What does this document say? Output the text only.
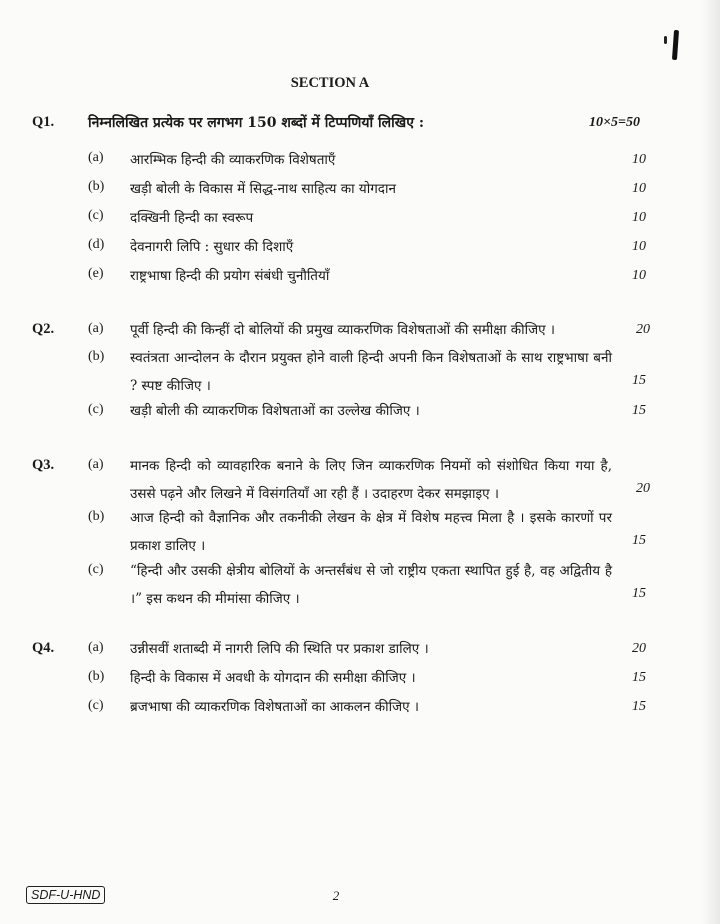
SECTION A
Q1. निम्नलिखित प्रत्येक पर लगभग 150 शब्दों में टिप्पणियाँ लिखिए :	10×5=50
(a) आरम्भिक हिन्दी की व्याकरणिक विशेषताएँ	10
(b) खड़ी बोली के विकास में सिद्ध-नाथ साहित्य का योगदान	10
(c) दक्खिनी हिन्दी का स्वरूप	10
(d) देवनागरी लिपि : सुधार की दिशाएँ	10
(e) राष्ट्रभाषा हिन्दी की प्रयोग संबंधी चुनौतियाँ	10
Q2. (a) पूर्वी हिन्दी की किन्हीं दो बोलियों की प्रमुख व्याकरणिक विशेषताओं की समीक्षा कीजिए ।	20
(b) स्वतंत्रता आन्दोलन के दौरान प्रयुक्त होने वाली हिन्दी अपनी किन विशेषताओं के साथ राष्ट्रभाषा बनी ? स्पष्ट कीजिए ।	15
(c) खड़ी बोली की व्याकरणिक विशेषताओं का उल्लेख कीजिए ।	15
Q3. (a) मानक हिन्दी को व्यावहारिक बनाने के लिए जिन व्याकरणिक नियमों को संशोधित किया गया है, उससे पढ़ने और लिखने में विसंगतियाँ आ रही हैं । उदाहरण देकर समझाइए ।	20
(b) आज हिन्दी को वैज्ञानिक और तकनीकी लेखन के क्षेत्र में विशेष महत्त्व मिला है । इसके कारणों पर प्रकाश डालिए ।	15
(c) “हिन्दी और उसकी क्षेत्रीय बोलियों के अन्तर्संबंध से जो राष्ट्रीय एकता स्थापित हुई है, वह अद्वितीय है ।” इस कथन की मीमांसा कीजिए ।	15
Q4. (a) उन्नीसवीं शताब्दी में नागरी लिपि की स्थिति पर प्रकाश डालिए ।	20
(b) हिन्दी के विकास में अवधी के योगदान की समीक्षा कीजिए ।	15
(c) ब्रजभाषा की व्याकरणिक विशेषताओं का आकलन कीजिए ।	15
SDF-U-HND	2
